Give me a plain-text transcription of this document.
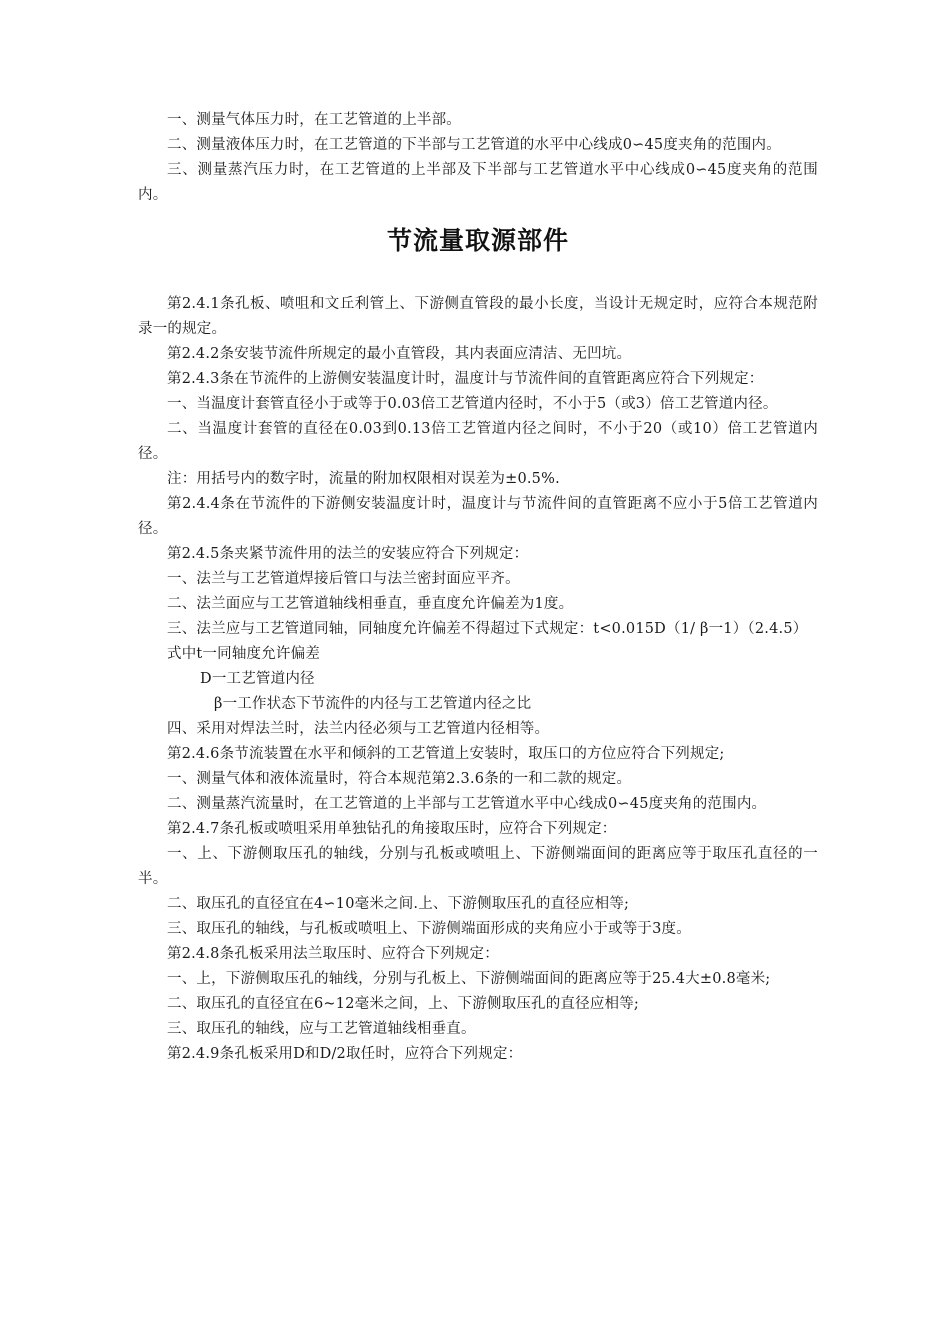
一、测量气体压力时，在工艺管道的上半部。

二、测量液体压力时，在工艺管道的下半部与工艺管道的水平中心线成0∽45度夹角的范围内。

三、测量蒸汽压力时，在工艺管道的上半部及下半部与工艺管道水平中心线成0∽45度夹角的范围内。

节流量取源部件

第2.4.1条孔板、喷咀和文丘利管上、下游侧直管段的最小长度，当设计无规定时，应符合本规范附录一的规定。

第2.4.2条安装节流件所规定的最小直管段，其内表面应清洁、无凹坑。

第2.4.3条在节流件的上游侧安装温度计时，温度计与节流件间的直管距离应符合下列规定：

一、当温度计套管直径小于或等于0.03倍工艺管道内径时，不小于5（或3）倍工艺管道内径。

二、当温度计套管的直径在0.03到0.13倍工艺管道内径之间时，不小于20（或10）倍工艺管道内径。

注：用括号内的数字时，流量的附加权限相对误差为±0.5%.

第2.4.4条在节流件的下游侧安装温度计时，温度计与节流件间的直管距离不应小于5倍工艺管道内径。

第2.4.5条夹紧节流件用的法兰的安装应符合下列规定：

一、法兰与工艺管道焊接后管口与法兰密封面应平齐。

二、法兰面应与工艺管道轴线相垂直，垂直度允许偏差为1度。

三、法兰应与工艺管道同轴，同轴度允许偏差不得超过下式规定：t<0.015D（1/ β一1）（2.4.5）

式中t一同轴度允许偏差

D一工艺管道内径

β一工作状态下节流件的内径与工艺管道内径之比

四、采用对焊法兰时，法兰内径必须与工艺管道内径相等。

第2.4.6条节流装置在水平和倾斜的工艺管道上安装时，取压口的方位应符合下列规定;

一、测量气体和液体流量时，符合本规范第2.3.6条的一和二款的规定。

二、测量蒸汽流量时，在工艺管道的上半部与工艺管道水平中心线成0∽45度夹角的范围内。

第2.4.7条孔板或喷咀采用单独钻孔的角接取压时，应符合下列规定：

一、上、下游侧取压孔的轴线，分别与孔板或喷咀上、下游侧端面间的距离应等于取压孔直径的一半。

二、取压孔的直径宜在4∽10毫米之间.上、下游侧取压孔的直径应相等;

三、取压孔的轴线，与孔板或喷咀上、下游侧端面形成的夹角应小于或等于3度。

第2.4.8条孔板采用法兰取压时、应符合下列规定：

一、上，下游侧取压孔的轴线，分别与孔板上、下游侧端面间的距离应等于25.4大±0.8毫米;

二、取压孔的直径宜在6~12毫米之间，上、下游侧取压孔的直径应相等;

三、取压孔的轴线，应与工艺管道轴线相垂直。

第2.4.9条孔板采用D和D/2取任时，应符合下列规定：
